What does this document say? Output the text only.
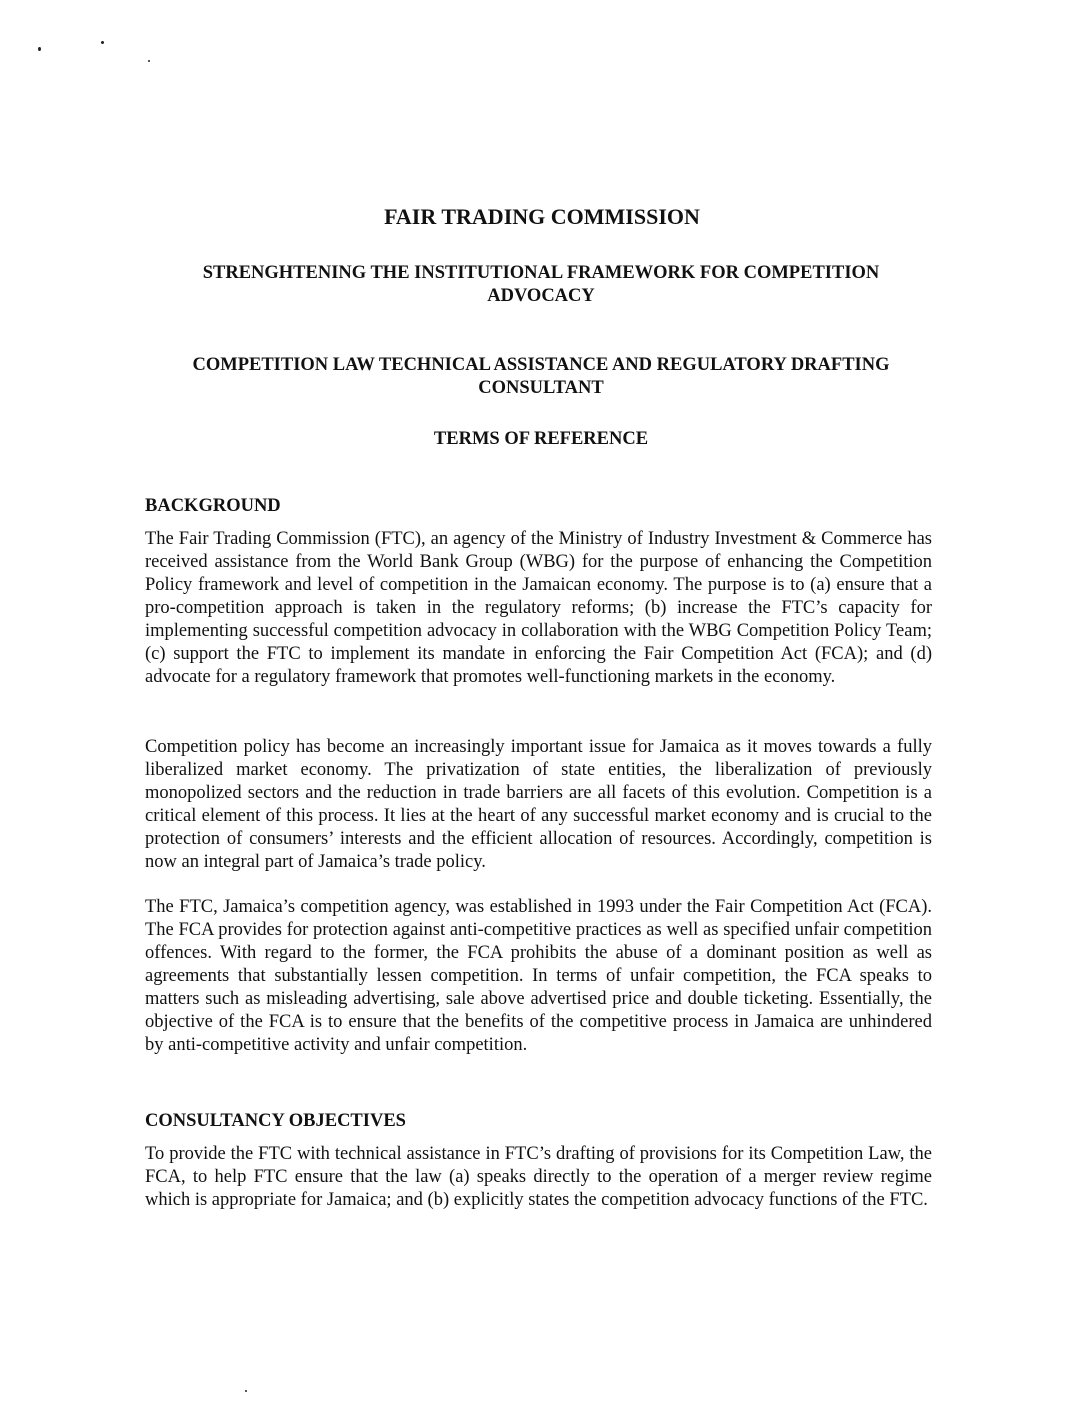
FAIR TRADING COMMISSION
STRENGHTENING THE INSTITUTIONAL FRAMEWORK FOR COMPETITION
ADVOCACY
COMPETITION LAW TECHNICAL ASSISTANCE AND REGULATORY DRAFTING
CONSULTANT
TERMS OF REFERENCE
BACKGROUND

The Fair Trading Commission (FTC), an agency of the Ministry of Industry Investment & Commerce has received assistance from the World Bank Group (WBG) for the purpose of enhancing the Competition Policy framework and level of competition in the Jamaican economy. The purpose is to (a) ensure that a pro-competition approach is taken in the regulatory reforms; (b) increase the FTC’s capacity for implementing successful competition advocacy in collaboration with the WBG Competition Policy Team; (c) support the FTC to implement its mandate in enforcing the Fair Competition Act (FCA); and (d) advocate for a regulatory framework that promotes well-functioning markets in the economy.

Competition policy has become an increasingly important issue for Jamaica as it moves towards a fully liberalized market economy. The privatization of state entities, the liberalization of previously monopolized sectors and the reduction in trade barriers are all facets of this evolution. Competition is a critical element of this process. It lies at the heart of any successful market economy and is crucial to the protection of consumers’ interests and the efficient allocation of resources. Accordingly, competition is now an integral part of Jamaica’s trade policy.

The FTC, Jamaica’s competition agency, was established in 1993 under the Fair Competition Act (FCA). The FCA provides for protection against anti-competitive practices as well as specified unfair competition offences. With regard to the former, the FCA prohibits the abuse of a dominant position as well as agreements that substantially lessen competition. In terms of unfair competition, the FCA speaks to matters such as misleading advertising, sale above advertised price and double ticketing. Essentially, the objective of the FCA is to ensure that the benefits of the competitive process in Jamaica are unhindered by anti-competitive activity and unfair competition.

CONSULTANCY OBJECTIVES

To provide the FTC with technical assistance in FTC’s drafting of provisions for its Competition Law, the FCA, to help FTC ensure that the law (a) speaks directly to the operation of a merger review regime which is appropriate for Jamaica; and (b) explicitly states the competition advocacy functions of the FTC.
